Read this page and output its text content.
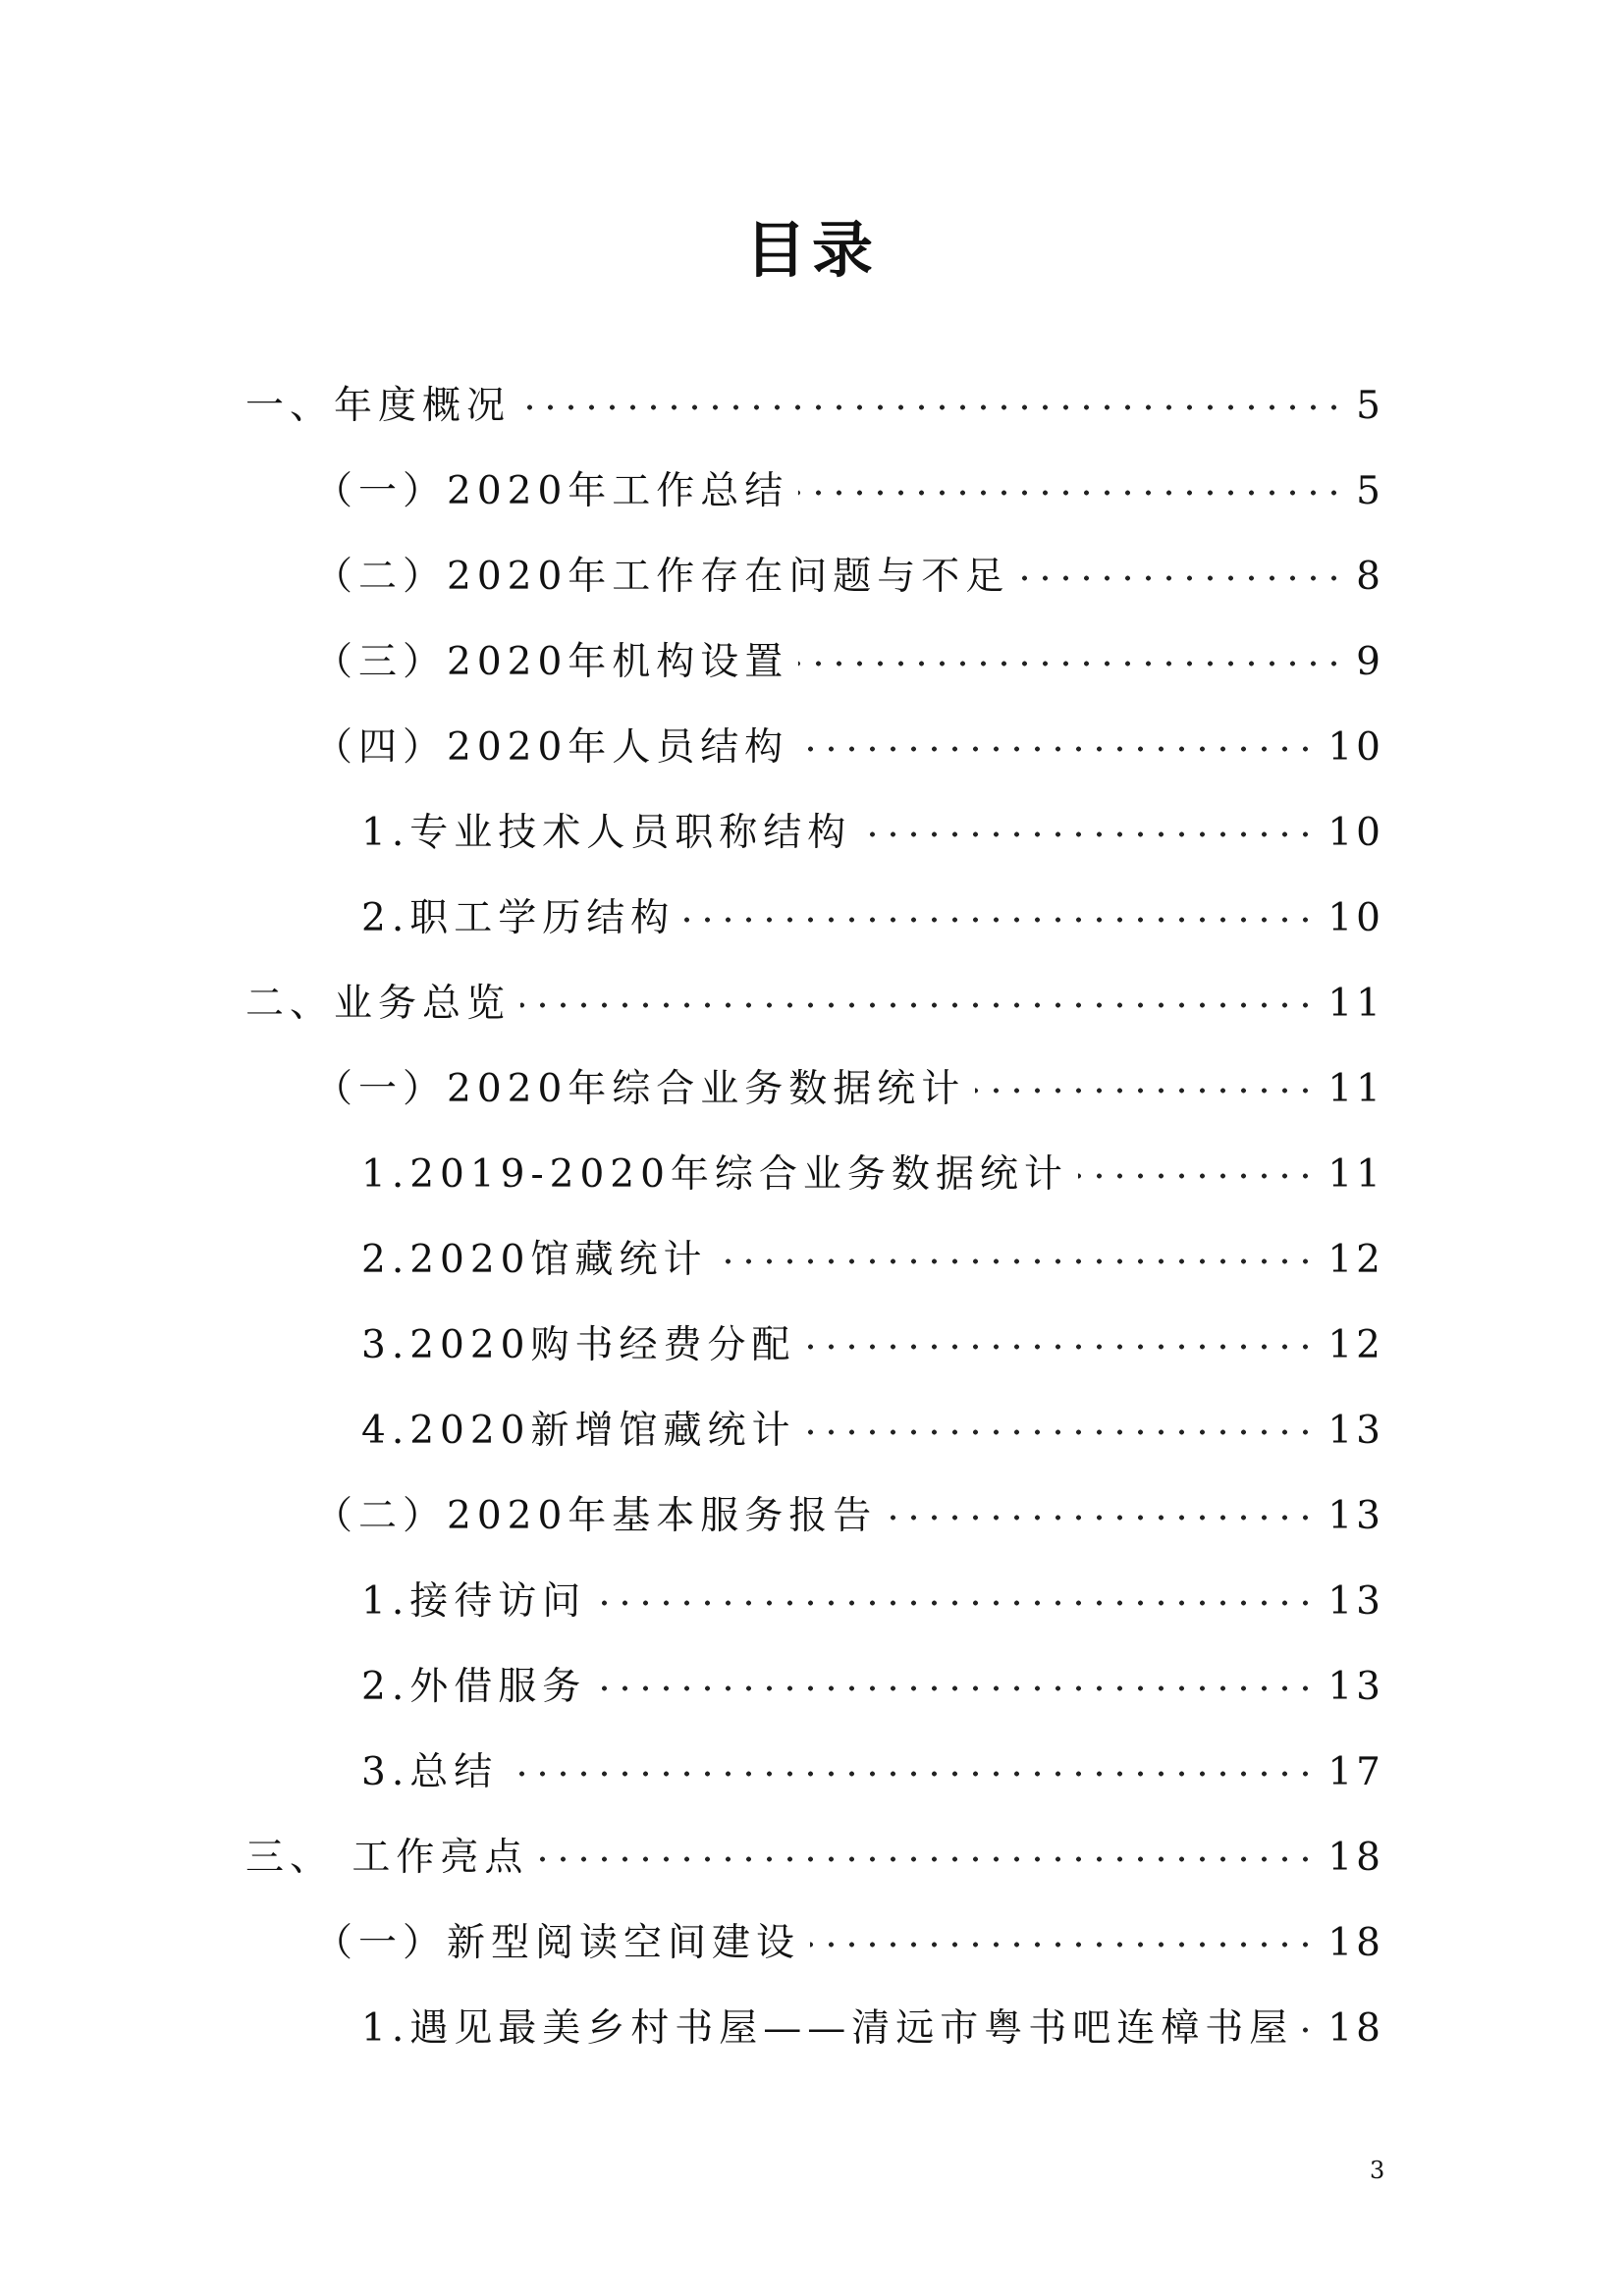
目录
一、年度概况	5
（一）2020年工作总结	5
（二）2020年工作存在问题与不足	8
（三）2020年机构设置	9
（四）2020年人员结构	10
1.专业技术人员职称结构	10
2.职工学历结构	10
二、业务总览	11
（一）2020年综合业务数据统计	11
1.2019-2020年综合业务数据统计	11
2.2020馆藏统计	12
3.2020购书经费分配	12
4.2020新增馆藏统计	13
（二）2020年基本服务报告	13
1.接待访问	13
2.外借服务	13
3.总结	17
三、 工作亮点	18
（一）新型阅读空间建设	18
1.遇见最美乡村书屋——清远市粤书吧连樟书屋 18
3
